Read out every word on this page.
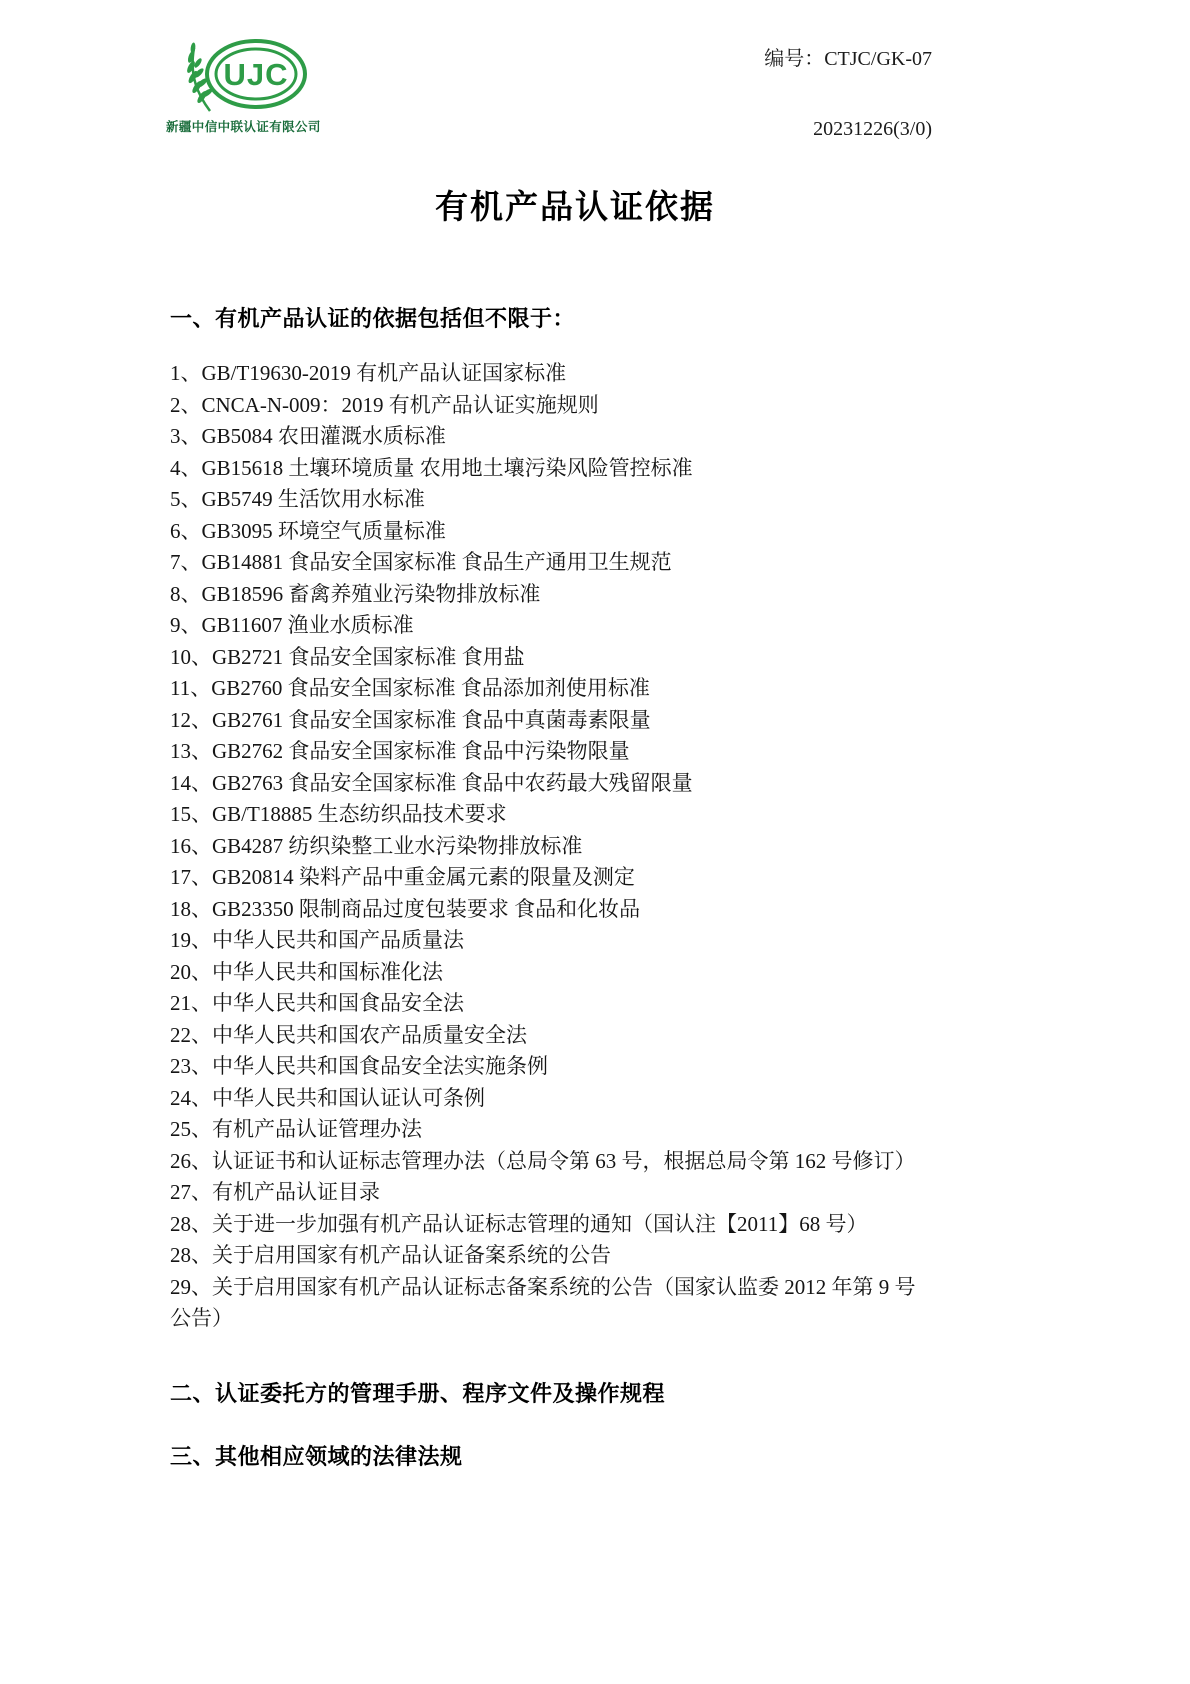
UJC
新疆中信中联认证有限公司
编号：CTJC/GK-07
20231226(3/0)
有机产品认证依据
一、有机产品认证的依据包括但不限于：
1、GB/T19630-2019 有机产品认证国家标准
2、CNCA-N-009：2019 有机产品认证实施规则
3、GB5084 农田灌溉水质标准
4、GB15618 土壤环境质量 农用地土壤污染风险管控标准
5、GB5749 生活饮用水标准
6、GB3095 环境空气质量标准
7、GB14881 食品安全国家标准 食品生产通用卫生规范
8、GB18596 畜禽养殖业污染物排放标准
9、GB11607 渔业水质标准
10、GB2721 食品安全国家标准 食用盐
11、GB2760 食品安全国家标准 食品添加剂使用标准
12、GB2761 食品安全国家标准 食品中真菌毒素限量
13、GB2762 食品安全国家标准 食品中污染物限量
14、GB2763 食品安全国家标准 食品中农药最大残留限量
15、GB/T18885 生态纺织品技术要求
16、GB4287 纺织染整工业水污染物排放标准
17、GB20814 染料产品中重金属元素的限量及测定
18、GB23350 限制商品过度包装要求 食品和化妆品
19、中华人民共和国产品质量法
20、中华人民共和国标准化法
21、中华人民共和国食品安全法
22、中华人民共和国农产品质量安全法
23、中华人民共和国食品安全法实施条例
24、中华人民共和国认证认可条例
25、有机产品认证管理办法
26、认证证书和认证标志管理办法（总局令第 63 号，根据总局令第 162 号修订）
27、有机产品认证目录
28、关于进一步加强有机产品认证标志管理的通知（国认注【2011】68 号）
28、关于启用国家有机产品认证备案系统的公告
29、关于启用国家有机产品认证标志备案系统的公告（国家认监委 2012 年第 9 号公告）
二、认证委托方的管理手册、程序文件及操作规程
三、其他相应领域的法律法规
